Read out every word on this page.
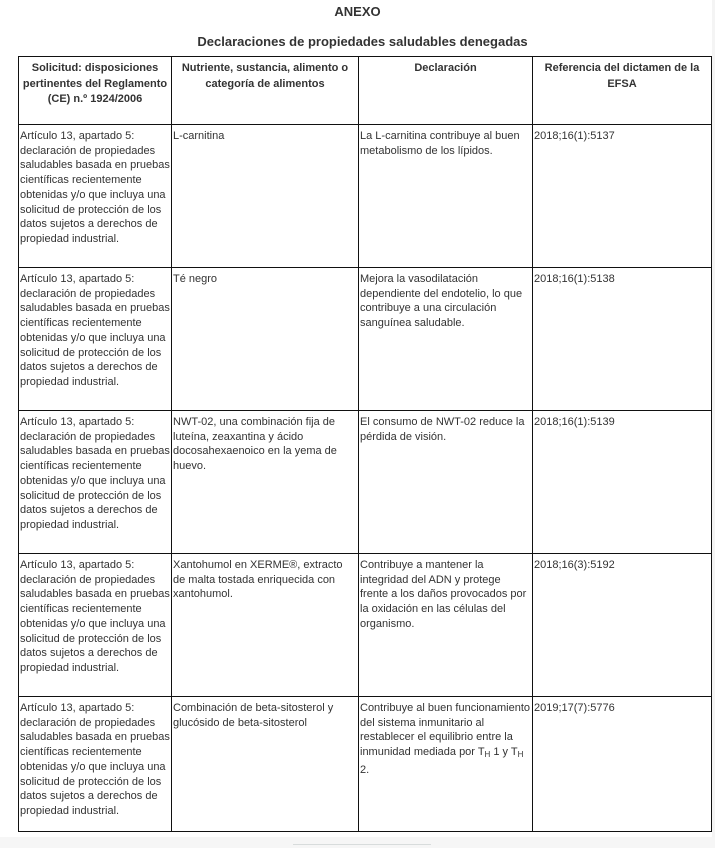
ANEXO
Declaraciones de propiedades saludables denegadas
Solicitud: disposiciones pertinentes del Reglamento (CE) n.º 1924/2006	Nutriente, sustancia, alimento o categoría de alimentos	Declaración	Referencia del dictamen de la EFSA
Artículo 13, apartado 5: declaración de propiedades saludables basada en pruebas científicas recientemente obtenidas y/o que incluya una solicitud de protección de los datos sujetos a derechos de propiedad industrial.	L-carnitina	La L-carnitina contribuye al buen metabolismo de los lípidos.	2018;16(1):5137
Artículo 13, apartado 5: declaración de propiedades saludables basada en pruebas científicas recientemente obtenidas y/o que incluya una solicitud de protección de los datos sujetos a derechos de propiedad industrial.	Té negro	Mejora la vasodilatación dependiente del endotelio, lo que contribuye a una circulación sanguínea saludable.	2018;16(1):5138
Artículo 13, apartado 5: declaración de propiedades saludables basada en pruebas científicas recientemente obtenidas y/o que incluya una solicitud de protección de los datos sujetos a derechos de propiedad industrial.	NWT-02, una combinación fija de luteína, zeaxantina y ácido docosahexaenoico en la yema de huevo.	El consumo de NWT-02 reduce la pérdida de visión.	2018;16(1):5139
Artículo 13, apartado 5: declaración de propiedades saludables basada en pruebas científicas recientemente obtenidas y/o que incluya una solicitud de protección de los datos sujetos a derechos de propiedad industrial.	Xantohumol en XERME®, extracto de malta tostada enriquecida con xantohumol.	Contribuye a mantener la integridad del ADN y protege frente a los daños provocados por la oxidación en las células del organismo.	2018;16(3):5192
Artículo 13, apartado 5: declaración de propiedades saludables basada en pruebas científicas recientemente obtenidas y/o que incluya una solicitud de protección de los datos sujetos a derechos de propiedad industrial.	Combinación de beta-sitosterol y glucósido de beta-sitosterol	Contribuye al buen funcionamiento del sistema inmunitario al restablecer el equilibrio entre la inmunidad mediada por $T_H$ 1 y $T_H$ 2.	2019;17(7):5776
